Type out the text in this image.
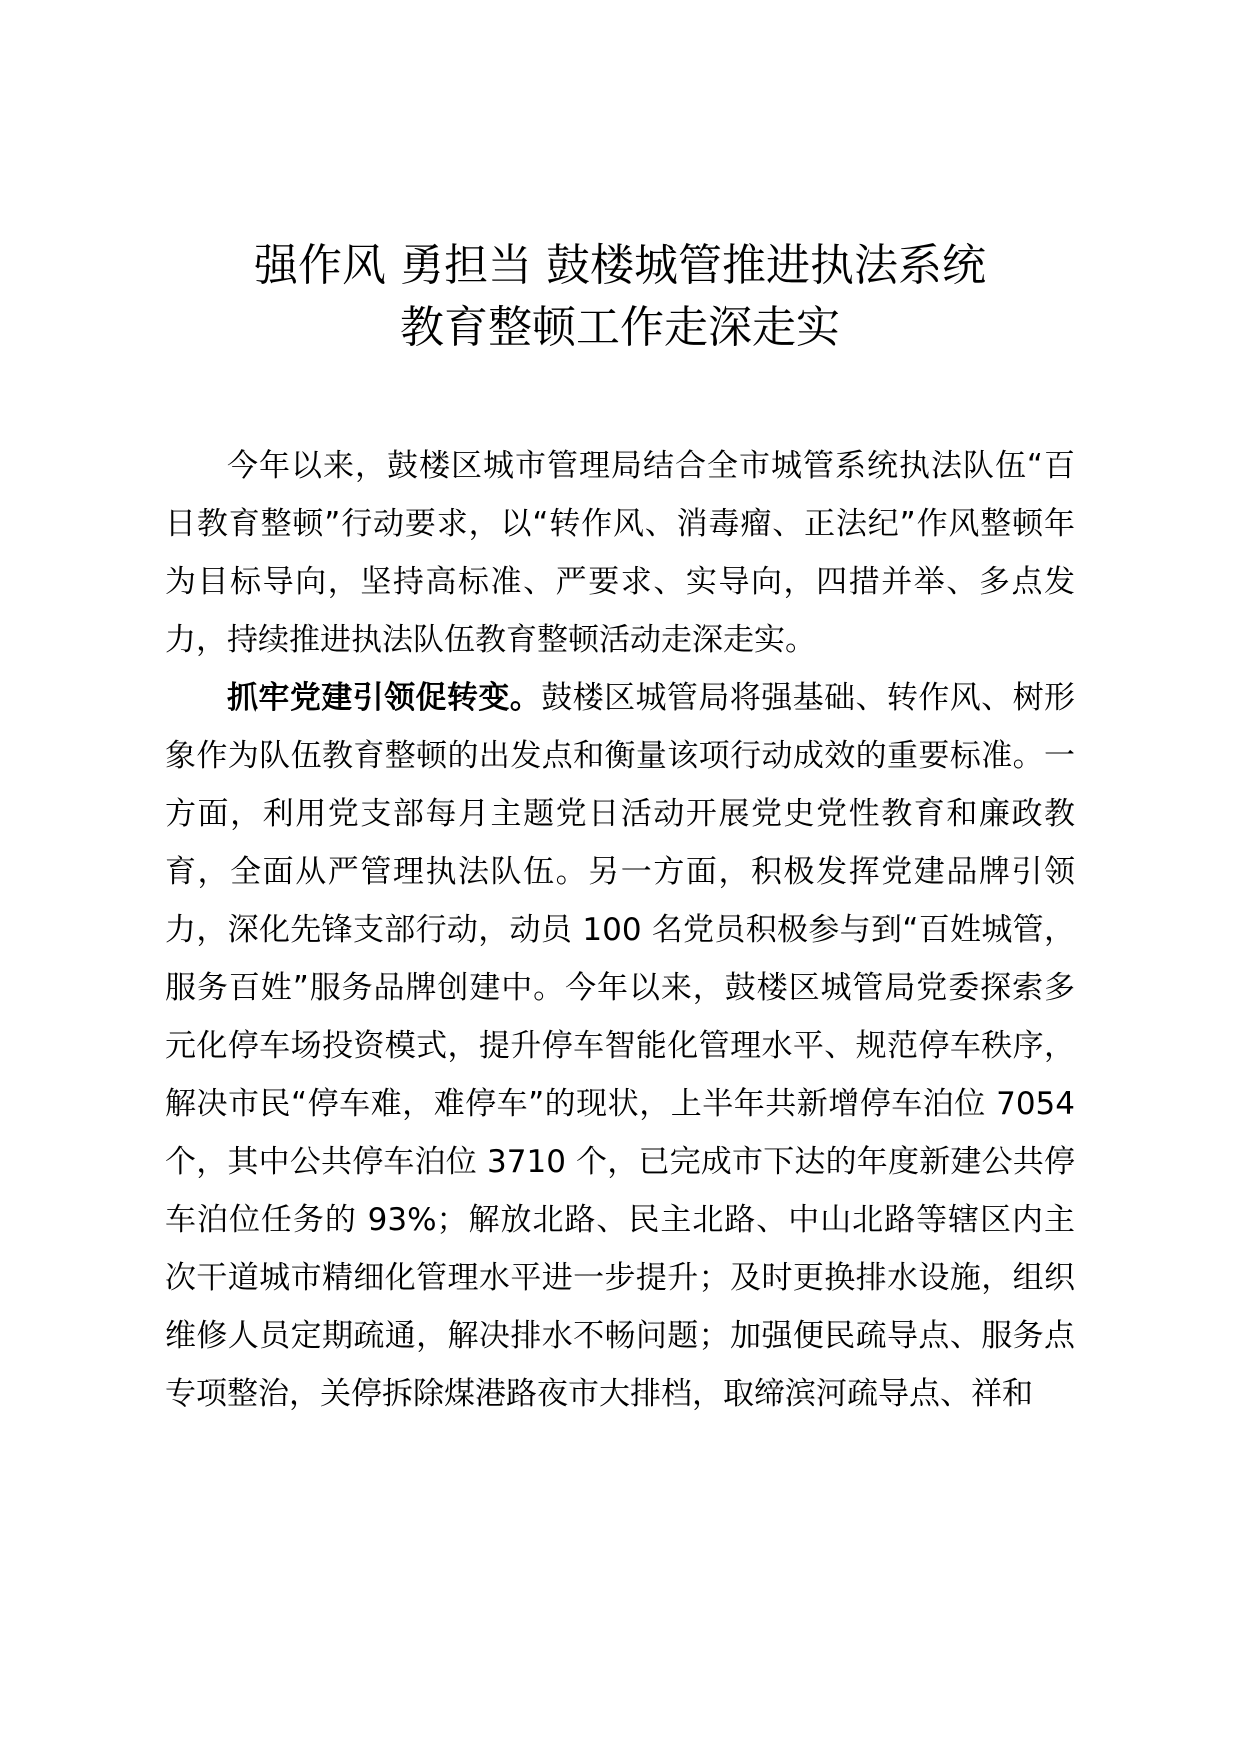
强作风 勇担当 鼓楼城管推进执法系统
教育整顿工作走深走实

今年以来，鼓楼区城市管理局结合全市城管系统执法队伍“百日教育整顿”行动要求，以“转作风、消毒瘤、正法纪”作风整顿年为目标导向，坚持高标准、严要求、实导向，四措并举、多点发力，持续推进执法队伍教育整顿活动走深走实。

抓牢党建引领促转变。鼓楼区城管局将强基础、转作风、树形象作为队伍教育整顿的出发点和衡量该项行动成效的重要标准。一方面，利用党支部每月主题党日活动开展党史党性教育和廉政教育，全面从严管理执法队伍。另一方面，积极发挥党建品牌引领力，深化先锋支部行动，动员 100 名党员积极参与到“百姓城管，服务百姓”服务品牌创建中。今年以来，鼓楼区城管局党委探索多元化停车场投资模式，提升停车智能化管理水平、规范停车秩序，解决市民“停车难，难停车”的现状，上半年共新增停车泊位 7054 个，其中公共停车泊位 3710 个，已完成市下达的年度新建公共停车泊位任务的 93%；解放北路、民主北路、中山北路等辖区内主次干道城市精细化管理水平进一步提升；及时更换排水设施，组织维修人员定期疏通，解决排水不畅问题；加强便民疏导点、服务点专项整治，关停拆除煤港路夜市大排档，取缔滨河疏导点、祥和
